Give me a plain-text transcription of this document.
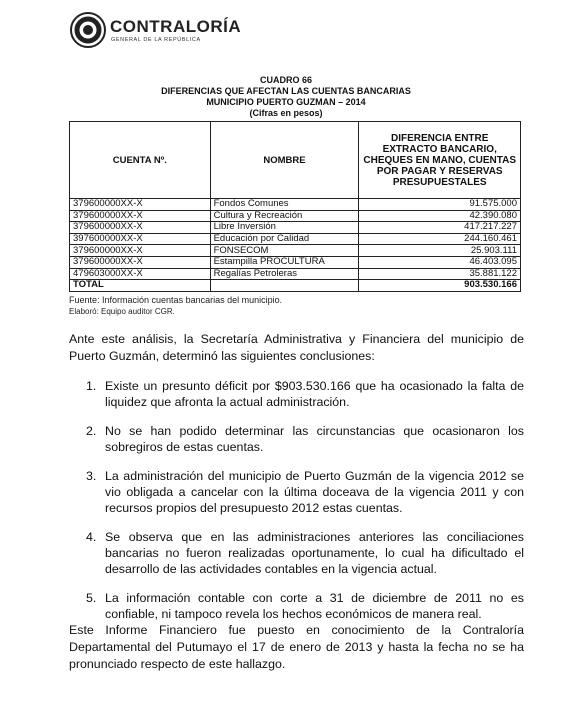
CONTRALORÍA
GENERAL DE LA REPÚBLICA
CUADRO 66
DIFERENCIAS QUE AFECTAN LAS CUENTAS BANCARIAS
MUNICIPIO PUERTO GUZMAN – 2014
(Cifras en pesos)
CUENTA Nº.	NOMBRE	DIFERENCIA ENTRE EXTRACTO BANCARIO, CHEQUES EN MANO, CUENTAS POR PAGAR Y RESERVAS PRESUPUESTALES
379600000XX-X	Fondos Comunes	91.575.000
379600000XX-X	Cultura y Recreación	42.390.080
379600000XX-X	Libre Inversión	417.217.227
397600000XX-X	Educación por Calidad	244.160.461
379600000XX-X	FONSECOM	25.903.111
379600000XX-X	Estampilla PROCULTURA	46.403.095
479603000XX-X	Regalías Petroleras	35.881.122
TOTAL		903.530.166
Fuente: Información cuentas bancarias del municipio.
Elaboró: Equipo auditor CGR.

Ante este análisis, la Secretaría Administrativa y Financiera del municipio de Puerto Guzmán, determinó las siguientes conclusiones:

1. Existe un presunto déficit por $903.530.166 que ha ocasionado la falta de liquidez que afronta la actual administración.
2. No se han podido determinar las circunstancias que ocasionaron los sobregiros de estas cuentas.
3. La administración del municipio de Puerto Guzmán de la vigencia 2012 se vio obligada a cancelar con la última doceava de la vigencia 2011 y con recursos propios del presupuesto 2012 estas cuentas.
4. Se observa que en las administraciones anteriores las conciliaciones bancarias no fueron realizadas oportunamente, lo cual ha dificultado el desarrollo de las actividades contables en la vigencia actual.
5. La información contable con corte a 31 de diciembre de 2011 no es confiable, ni tampoco revela los hechos económicos de manera real.

Este Informe Financiero fue puesto en conocimiento de la Contraloría Departamental del Putumayo el 17 de enero de 2013 y hasta la fecha no se ha pronunciado respecto de este hallazgo.
